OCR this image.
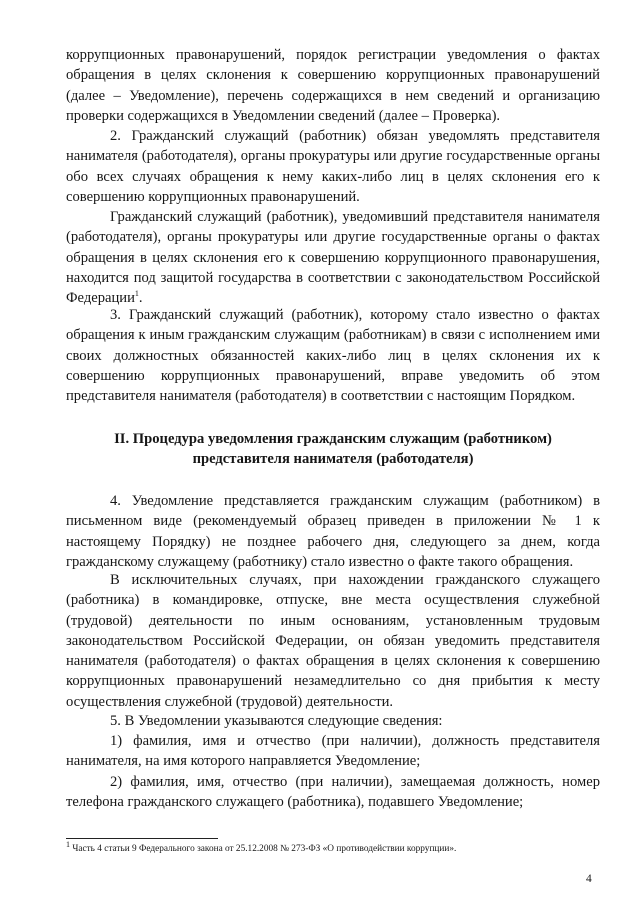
коррупционных правонарушений, порядок регистрации уведомления о фактах обращения в целях склонения к совершению коррупционных правонарушений (далее – Уведомление), перечень содержащихся в нем сведений и организацию проверки содержащихся в Уведомлении сведений (далее – Проверка).
2. Гражданский служащий (работник) обязан уведомлять представителя нанимателя (работодателя), органы прокуратуры или другие государственные органы обо всех случаях обращения к нему каких-либо лиц в целях склонения его к совершению коррупционных правонарушений.
Гражданский служащий (работник), уведомивший представителя нанимателя (работодателя), органы прокуратуры или другие государственные органы о фактах обращения в целях склонения его к совершению коррупционного правонарушения, находится под защитой государства в соответствии с законодательством Российской Федерации$^1$.
3. Гражданский служащий (работник), которому стало известно о фактах обращения к иным гражданским служащим (работникам) в связи с исполнением ими своих должностных обязанностей каких-либо лиц в целях склонения их к совершению коррупционных правонарушений, вправе уведомить об этом представителя нанимателя (работодателя) в соответствии с настоящим Порядком.
II. Процедура уведомления гражданским служащим (работником)
представителя нанимателя (работодателя)
4. Уведомление представляется гражданским служащим (работником) в письменном виде (рекомендуемый образец приведен в приложении № 1 к настоящему Порядку) не позднее рабочего дня, следующего за днем, когда гражданскому служащему (работнику) стало известно о факте такого обращения.
В исключительных случаях, при нахождении гражданского служащего (работника) в командировке, отпуске, вне места осуществления служебной (трудовой) деятельности по иным основаниям, установленным трудовым законодательством Российской Федерации, он обязан уведомить представителя нанимателя (работодателя) о фактах обращения в целях склонения к совершению коррупционных правонарушений незамедлительно со дня прибытия к месту осуществления служебной (трудовой) деятельности.
5. В Уведомлении указываются следующие сведения:
1) фамилия, имя и отчество (при наличии), должность представителя нанимателя, на имя которого направляется Уведомление;
2) фамилия, имя, отчество (при наличии), замещаемая должность, номер телефона гражданского служащего (работника), подавшего Уведомление;
$^1$ Часть 4 статьи 9 Федерального закона от 25.12.2008 № 273-ФЗ «О противодействии коррупции».
4
